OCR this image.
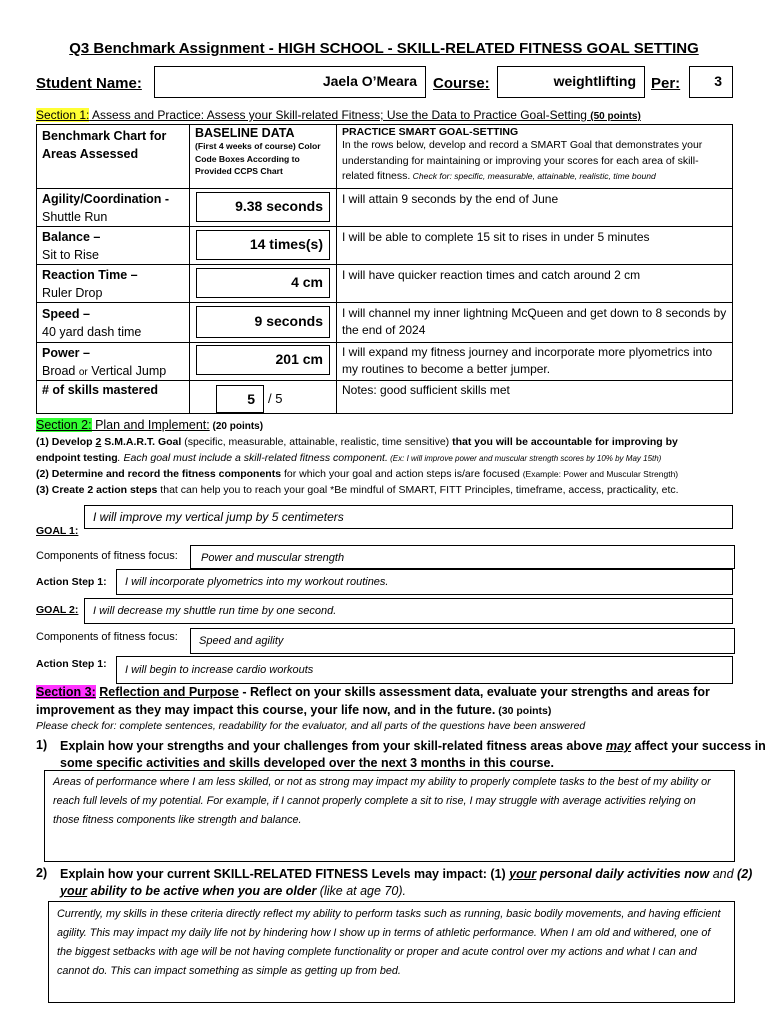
Q3 Benchmark Assignment - HIGH SCHOOL - SKILL-RELATED FITNESS GOAL SETTING
Student Name:	Jaela O’Meara Course:	weightlifting Per: 3
Section 1: Assess and Practice: Assess your Skill-related Fitness; Use the Data to Practice Goal-Setting (50 points)
Benchmark Chart for Areas Assessed
BASELINE DATA
(First 4 weeks of course) Color Code Boxes According to Provided CCPS Chart
PRACTICE SMART GOAL-SETTING
In the rows below, develop and record a SMART Goal that demonstrates your understanding for maintaining or improving your scores for each area of skill-related fitness. Check for: specific, measurable, attainable, realistic, time bound
Agility/Coordination -
Shuttle Run
9.38 seconds I will attain 9 seconds by the end of June
Balance –
Sit to Rise
14 times(s) I will be able to complete 15 sit to rises in under 5 minutes
Reaction Time –
Ruler Drop
4 cm I will have quicker reaction times and catch around 2 cm
Speed –
40 yard dash time
9 seconds I will channel my inner lightning McQueen and get down to 8 seconds by the end of 2024
Power –
Broad or Vertical Jump
201 cm I will expand my fitness journey and incorporate more plyometrics into my routines to become a better jumper.
# of skills mastered
5 / 5
Notes: good sufficient skills met
Section 2: Plan and Implement: (20 points)
(1) Develop 2 S.M.A.R.T. Goal (specific, measurable, attainable, realistic, time sensitive) that you will be accountable for improving by
endpoint testing. Each goal must include a skill-related fitness component. (Ex: I will improve power and muscular strength scores by 10% by May 15th)
(2) Determine and record the fitness components for which your goal and action steps is/are focused (Example: Power and Muscular Strength)
(3) Create 2 action steps that can help you to reach your goal *Be mindful of SMART, FITT Principles, timeframe, access, practicality, etc.
I will improve my vertical jump by 5 centimeters
GOAL 1:
Components of fitness focus: Power and muscular strength
Action Step 1: I will incorporate plyometrics into my workout routines.
GOAL 2: I will decrease my shuttle run time by one second.
Components of fitness focus: Speed and agility
Action Step 1: I will begin to increase cardio workouts
Section 3: Reflection and Purpose - Reflect on your skills assessment data, evaluate your strengths and areas for
improvement as they may impact this course, your life now, and in the future. (30 points)
Please check for: complete sentences, readability for the evaluator, and all parts of the questions have been answered
1) Explain how your strengths and your challenges from your skill-related fitness areas above may affect your success in
some specific activities and skills developed over the next 3 months in this course.
Areas of performance where I am less skilled, or not as strong may impact my ability to properly complete tasks to the best of my ability or reach full levels of my potential. For example, if I cannot properly complete a sit to rise, I may struggle with average activities relying on those fitness components like strength and balance.
2) Explain how your current SKILL-RELATED FITNESS Levels may impact: (1) your personal daily activities now and (2)
your ability to be active when you are older (like at age 70).
Currently, my skills in these criteria directly reflect my ability to perform tasks such as running, basic bodily movements, and having efficient agility. This may impact my daily life not by hindering how I show up in terms of athletic performance. When I am old and withered, one of the biggest setbacks with age will be not having complete functionality or proper and acute control over my actions and what I can and cannot do. This can impact something as simple as getting up from bed.
